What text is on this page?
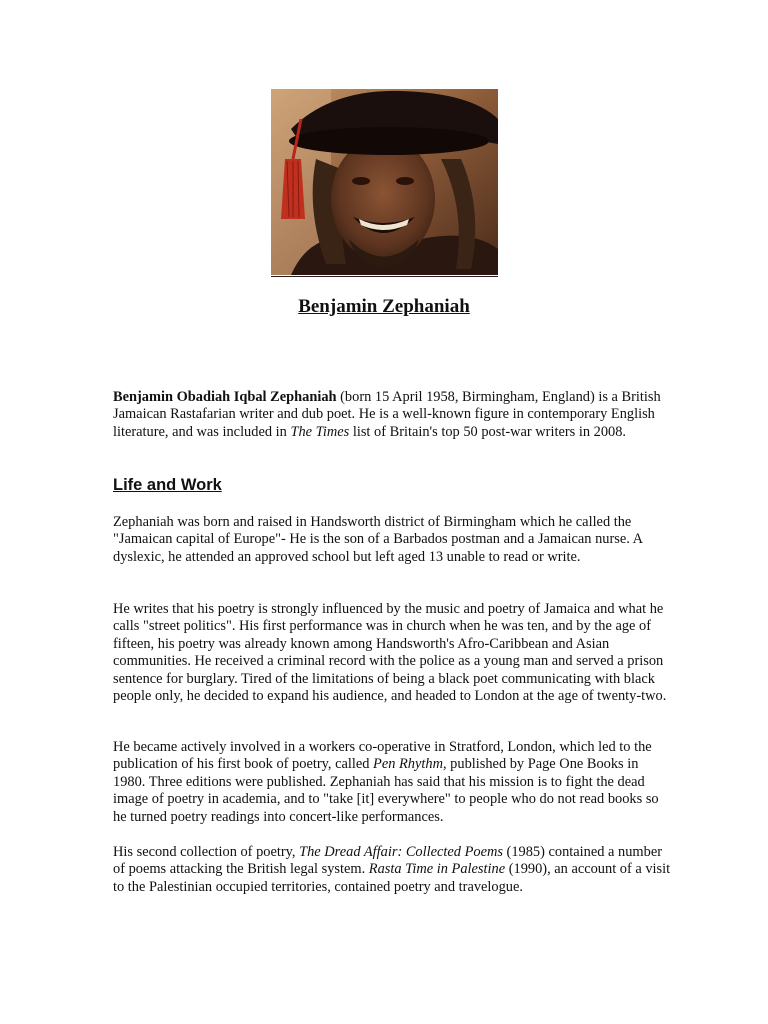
Benjamin Zephaniah

Benjamin Obadiah Iqbal Zephaniah (born 15 April 1958, Birmingham, England) is a British Jamaican Rastafarian writer and dub poet. He is a well-known figure in contemporary English literature, and was included in The Times list of Britain's top 50 post-war writers in 2008.

Life and Work

Zephaniah was born and raised in Handsworth district of Birmingham which he called the "Jamaican capital of Europe"- He is the son of a Barbados postman and a Jamaican nurse. A dyslexic, he attended an approved school but left aged 13 unable to read or write.

He writes that his poetry is strongly influenced by the music and poetry of Jamaica and what he calls "street politics". His first performance was in church when he was ten, and by the age of fifteen, his poetry was already known among Handsworth's Afro-Caribbean and Asian communities. He received a criminal record with the police as a young man and served a prison sentence for burglary. Tired of the limitations of being a black poet communicating with black people only, he decided to expand his audience, and headed to London at the age of twenty-two.

He became actively involved in a workers co-operative in Stratford, London, which led to the publication of his first book of poetry, called Pen Rhythm, published by Page One Books in 1980. Three editions were published. Zephaniah has said that his mission is to fight the dead image of poetry in academia, and to "take [it] everywhere" to people who do not read books so he turned poetry readings into concert-like performances.

His second collection of poetry, The Dread Affair: Collected Poems (1985) contained a number of poems attacking the British legal system. Rasta Time in Palestine (1990), an account of a visit to the Palestinian occupied territories, contained poetry and travelogue.
